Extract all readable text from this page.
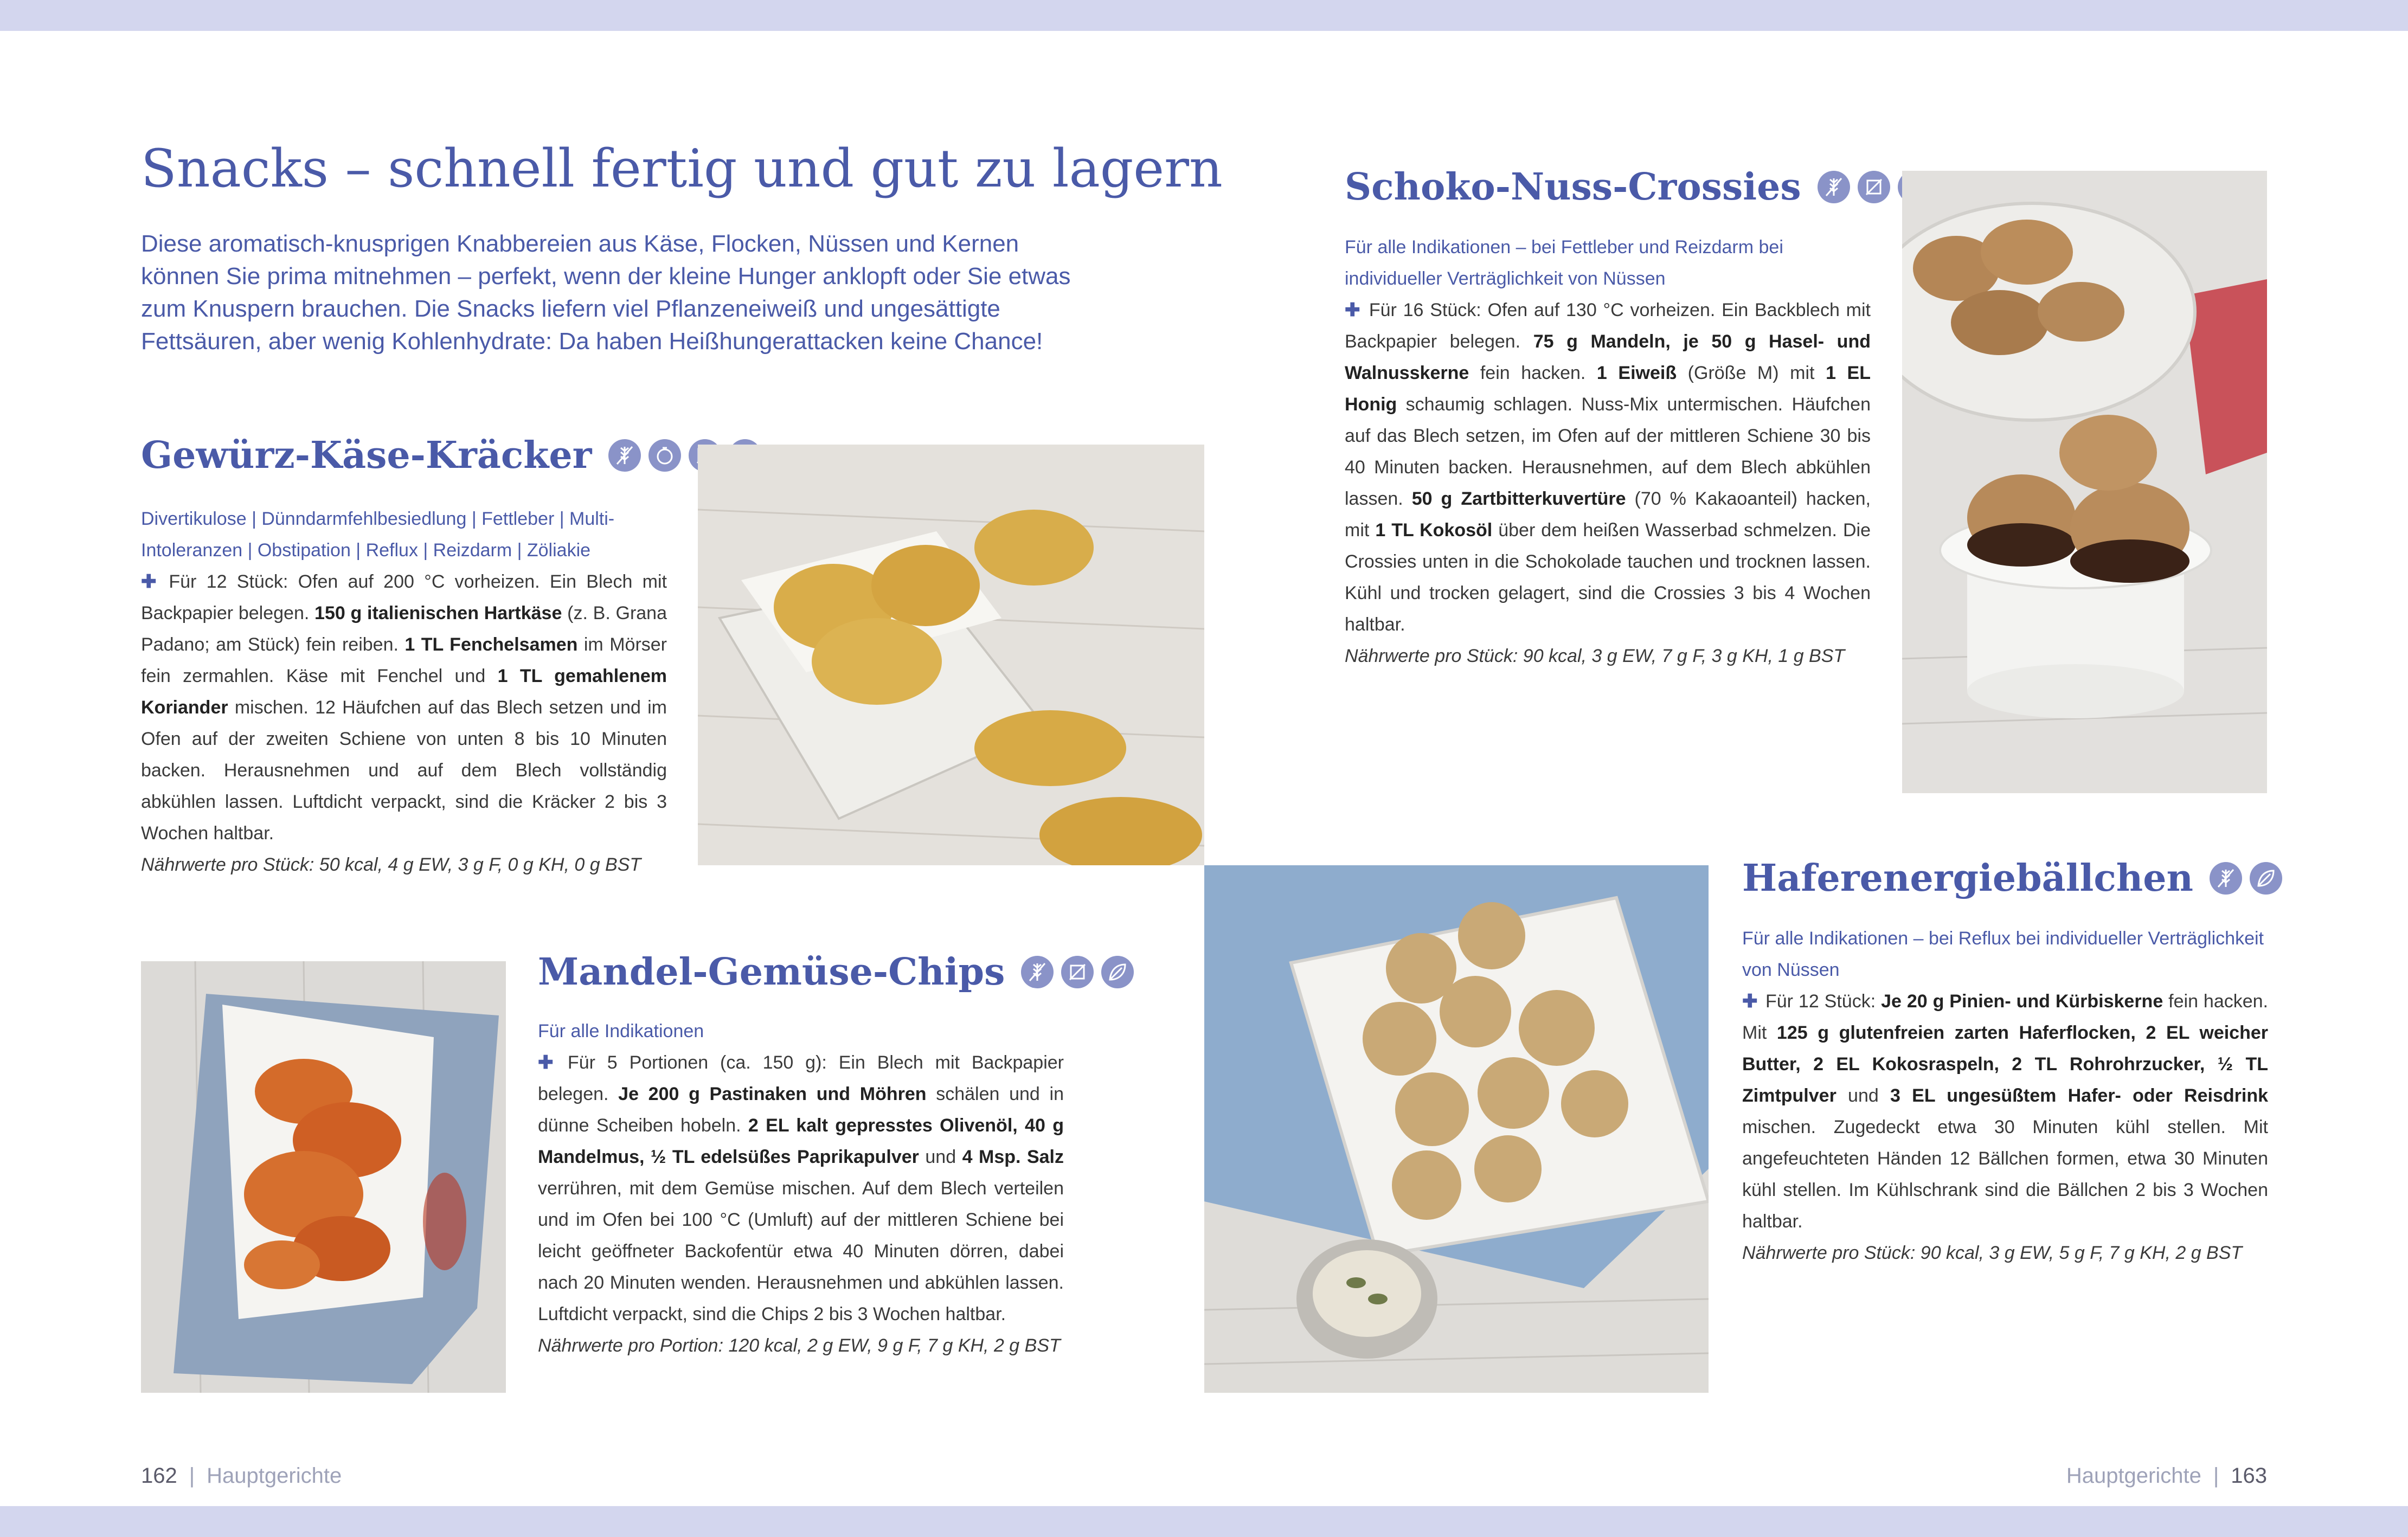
Snacks – schnell fertig und gut zu lagern

Diese aromatisch-knusprigen Knabbereien aus Käse, Flocken, Nüssen und Kernen können Sie prima mitnehmen – perfekt, wenn der kleine Hunger anklopft oder Sie etwas zum Knuspern brauchen. Die Snacks liefern viel Pflanzeneiweiß und ungesättigte Fettsäuren, aber wenig Kohlenhydrate: Da haben Heißhungerattacken keine Chance!

Gewürz-Käse-Kräcker

Divertikulose | Dünndarmfehlbesiedlung | Fettleber | Multi-Intoleranzen | Obstipation | Reflux | Reizdarm | Zöliakie

✚ Für 12 Stück: Ofen auf 200 °C vorheizen. Ein Blech mit Backpapier belegen. 150 g italienischen Hartkäse (z. B. Grana Padano; am Stück) fein reiben. 1 TL Fenchelsamen im Mörser fein zermahlen. Käse mit Fenchel und 1 TL gemahlenem Koriander mischen. 12 Häufchen auf das Blech setzen und im Ofen auf der zweiten Schiene von unten 8 bis 10 Minuten backen. Herausnehmen und auf dem Blech vollständig abkühlen lassen. Luftdicht verpackt, sind die Kräcker 2 bis 3 Wochen haltbar.

Nährwerte pro Stück: 50 kcal, 4 g EW, 3 g F, 0 g KH, 0 g BST

Mandel-Gemüse-Chips

Für alle Indikationen

✚ Für 5 Portionen (ca. 150 g): Ein Blech mit Backpapier belegen. Je 200 g Pastinaken und Möhren schälen und in dünne Scheiben hobeln. 2 EL kalt gepresstes Olivenöl, 40 g Mandelmus, ½ TL edelsüßes Paprikapulver und 4 Msp. Salz verrühren, mit dem Gemüse mischen. Auf dem Blech verteilen und im Ofen bei 100 °C (Umluft) auf der mittleren Schiene bei leicht geöffneter Backofentür etwa 40 Minuten dörren, dabei nach 20 Minuten wenden. Herausnehmen und abkühlen lassen. Luftdicht verpackt, sind die Chips 2 bis 3 Wochen haltbar.

Nährwerte pro Portion: 120 kcal, 2 g EW, 9 g F, 7 g KH, 2 g BST

Schoko-Nuss-Crossies

Für alle Indikationen – bei Fettleber und Reizdarm bei individueller Verträglichkeit von Nüssen

✚ Für 16 Stück: Ofen auf 130 °C vorheizen. Ein Backblech mit Backpapier belegen. 75 g Mandeln, je 50 g Hasel- und Walnusskerne fein hacken. 1 Eiweiß (Größe M) mit 1 EL Honig schaumig schlagen. Nuss-Mix untermischen. Häufchen auf das Blech setzen, im Ofen auf der mittleren Schiene 30 bis 40 Minuten backen. Herausnehmen, auf dem Blech abkühlen lassen. 50 g Zartbitterkuvertüre (70 % Kakaoanteil) hacken, mit 1 TL Kokosöl über dem heißen Wasserbad schmelzen. Die Crossies unten in die Schokolade tauchen und trocknen lassen. Kühl und trocken gelagert, sind die Crossies 3 bis 4 Wochen haltbar.

Nährwerte pro Stück: 90 kcal, 3 g EW, 7 g F, 3 g KH, 1 g BST

Haferenergiebällchen

Für alle Indikationen – bei Reflux bei individueller Verträglichkeit von Nüssen

✚ Für 12 Stück: Je 20 g Pinien- und Kürbiskerne fein hacken. Mit 125 g glutenfreien zarten Haferflocken, 2 EL weicher Butter, 2 EL Kokosraspeln, 2 TL Rohrohrzucker, ½ TL Zimtpulver und 3 EL ungesüßtem Hafer- oder Reisdrink mischen. Zugedeckt etwa 30 Minuten kühl stellen. Mit angefeuchteten Händen 12 Bällchen formen, etwa 30 Minuten kühl stellen. Im Kühlschrank sind die Bällchen 2 bis 3 Wochen haltbar.

Nährwerte pro Stück: 90 kcal, 3 g EW, 5 g F, 7 g KH, 2 g BST

162 | Hauptgerichte	Hauptgerichte | 163
